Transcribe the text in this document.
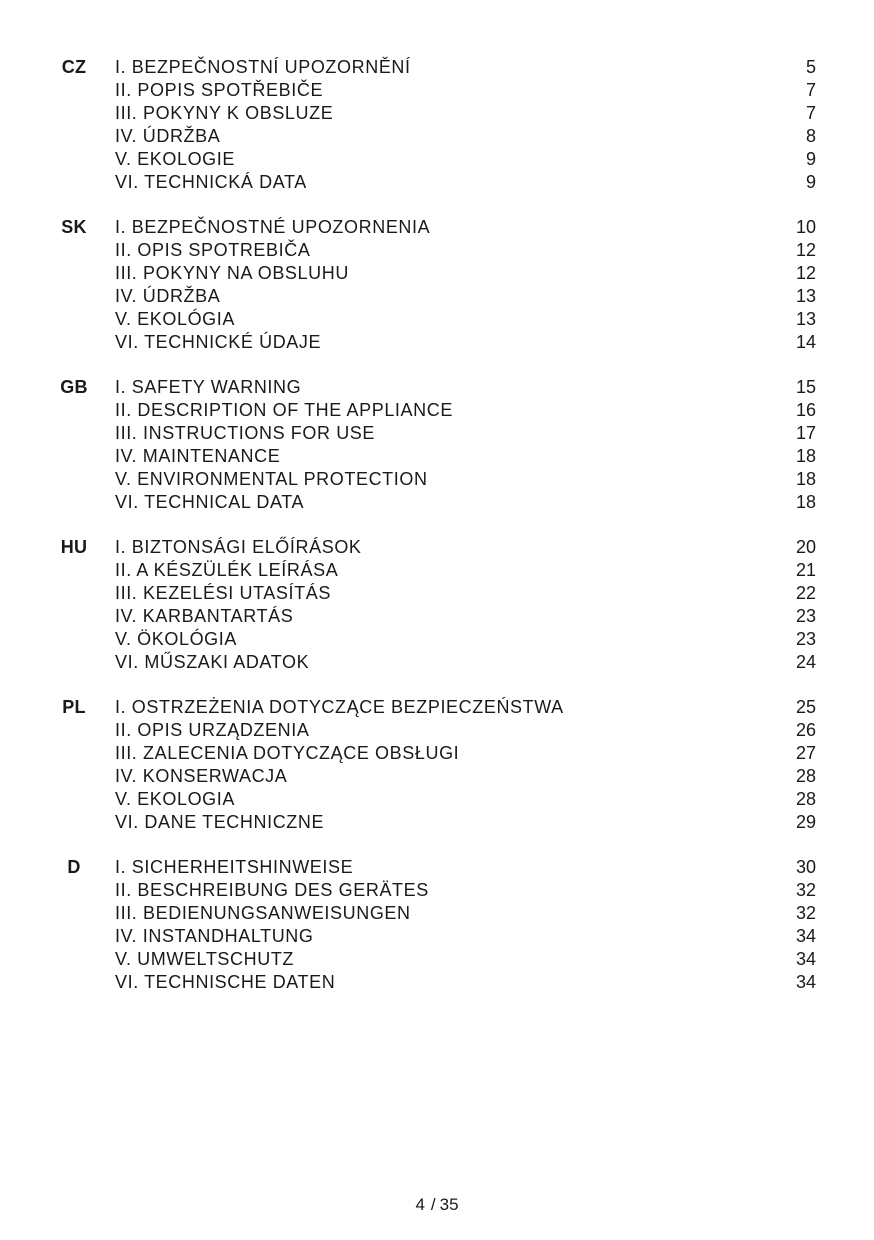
CZ	I. BEZPEČNOSTNÍ UPOZORNĚNÍ	5
II. POPIS SPOTŘEBIČE	7
III. POKYNY K OBSLUZE	7
IV. ÚDRŽBA	8
V. EKOLOGIE	9
VI. TECHNICKÁ DATA	9
SK	I. BEZPEČNOSTNÉ UPOZORNENIA	10
II. OPIS SPOTREBIČA	12
III. POKYNY NA OBSLUHU	12
IV. ÚDRŽBA	13
V. EKOLÓGIA	13
VI. TECHNICKÉ ÚDAJE	14
GB	I. SAFETY WARNING	15
II. DESCRIPTION OF THE APPLIANCE	16
III. INSTRUCTIONS FOR USE	17
IV. MAINTENANCE	18
V. ENVIRONMENTAL PROTECTION	18
VI. TECHNICAL DATA	18
HU	I. BIZTONSÁGI ELŐÍRÁSOK	20
II. A KÉSZÜLÉK LEÍRÁSA	21
III. KEZELÉSI UTASÍTÁS	22
IV. KARBANTARTÁS	23
V. ÖKOLÓGIA	23
VI. MŰSZAKI ADATOK	24
PL	I. OSTRZEŻENIA DOTYCZĄCE BEZPIECZEŃSTWA	25
II. OPIS URZĄDZENIA	26
III. ZALECENIA DOTYCZĄCE OBSŁUGI	27
IV. KONSERWACJA	28
V. EKOLOGIA	28
VI. DANE TECHNICZNE	29
D	I. SICHERHEITSHINWEISE	30
II. BESCHREIBUNG DES GERÄTES	32
III. BEDIENUNGSANWEISUNGEN	32
IV. INSTANDHALTUNG	34
V. UMWELTSCHUTZ	34
VI. TECHNISCHE DATEN	34
4 / 35
